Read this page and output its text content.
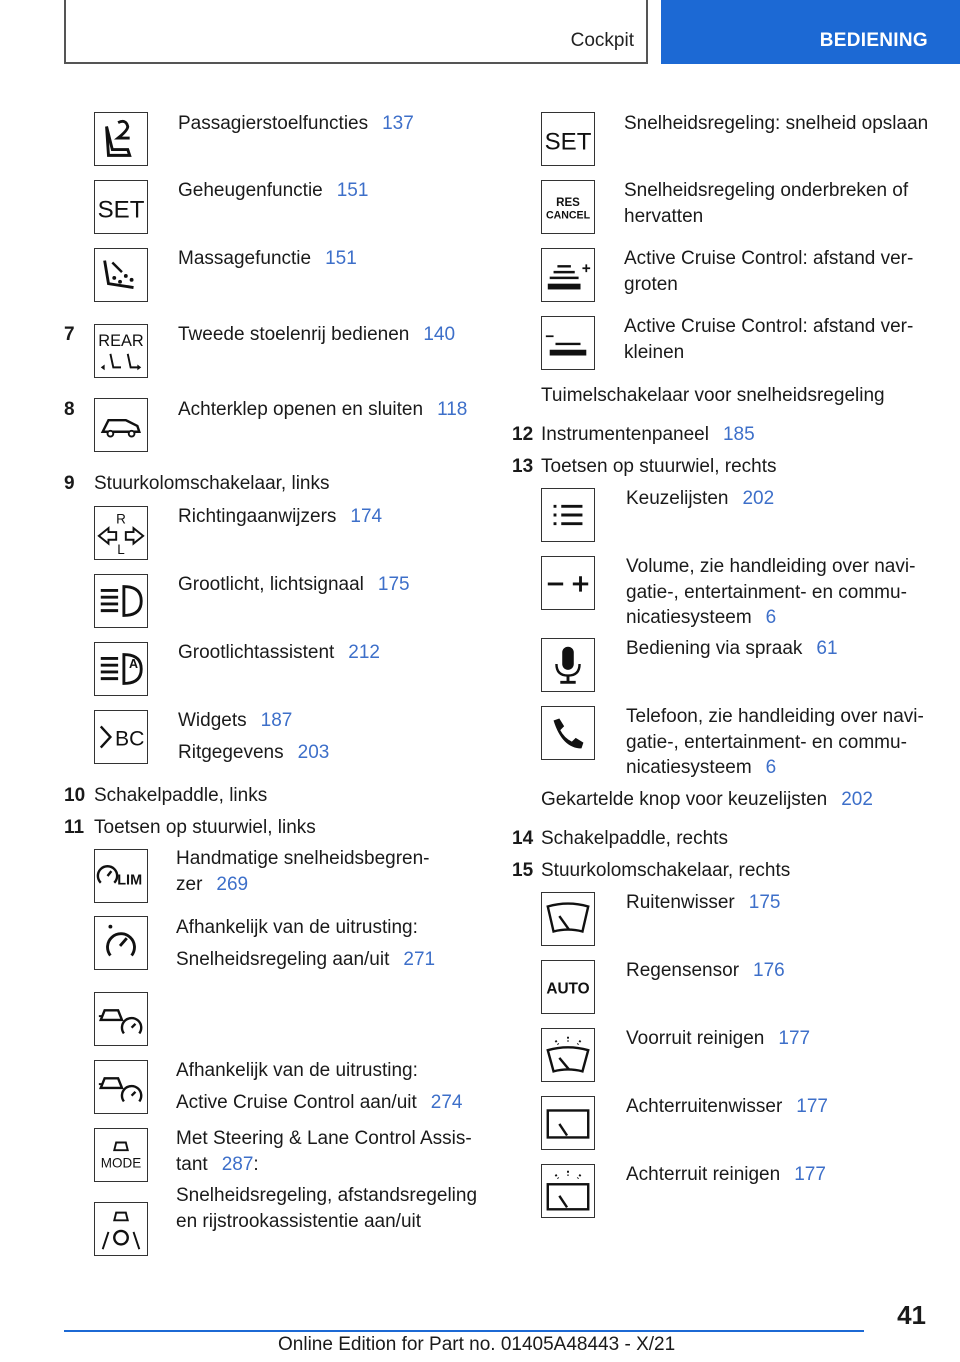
Cockpit	BEDIENING
Passagierstoelfuncties 137
SET
Geheugenfunctie 151
Massagefunctie 151
7 REAR Tweede stoelenrij bedienen 140
8	Achterklep openen en sluiten 118
9 Stuurkolomschakelaar, links
R
L
Richtingaanwijzers 174
Grootlicht, lichtsignaal 175
A
Grootlichtassistent 212
BC
Widgets 187
Ritgegevens 203
10 Schakelpaddle, links
11 Toetsen op stuurwiel, links
LIM
Handmatige snelheidsbegren-
zer 269
Afhankelijk van de uitrusting:
Snelheidsregeling aan/uit 271
Afhankelijk van de uitrusting:
Active Cruise Control aan/uit 274
MODE
Met Steering & Lane Control Assis-
tant 287:
Snelheidsregeling, afstandsregeling
en rijstrookassistentie aan/uit
SET
Snelheidsregeling: snelheid opslaan
RES
CANCEL
Snelheidsregeling onderbreken of
hervatten
Active Cruise Control: afstand ver-
groten
Active Cruise Control: afstand ver-
kleinen
Tuimelschakelaar voor snelheidsregeling
12 Instrumentenpaneel 185
13 Toetsen op stuurwiel, rechts
Keuzelijsten 202
Volume, zie handleiding over navi-
gatie-, entertainment- en commu-
nicatiesysteem 6
Bediening via spraak 61
Telefoon, zie handleiding over navi-
gatie-, entertainment- en commu-
nicatiesysteem 6
Gekartelde knop voor keuzelijsten 202
14 Schakelpaddle, rechts
15 Stuurkolomschakelaar, rechts
Ruitenwisser 175
AUTO
Regensensor 176
Voorruit reinigen 177
Achterruitenwisser 177
Achterruit reinigen 177
41
Online Edition for Part no. 01405A48443 - X/21
